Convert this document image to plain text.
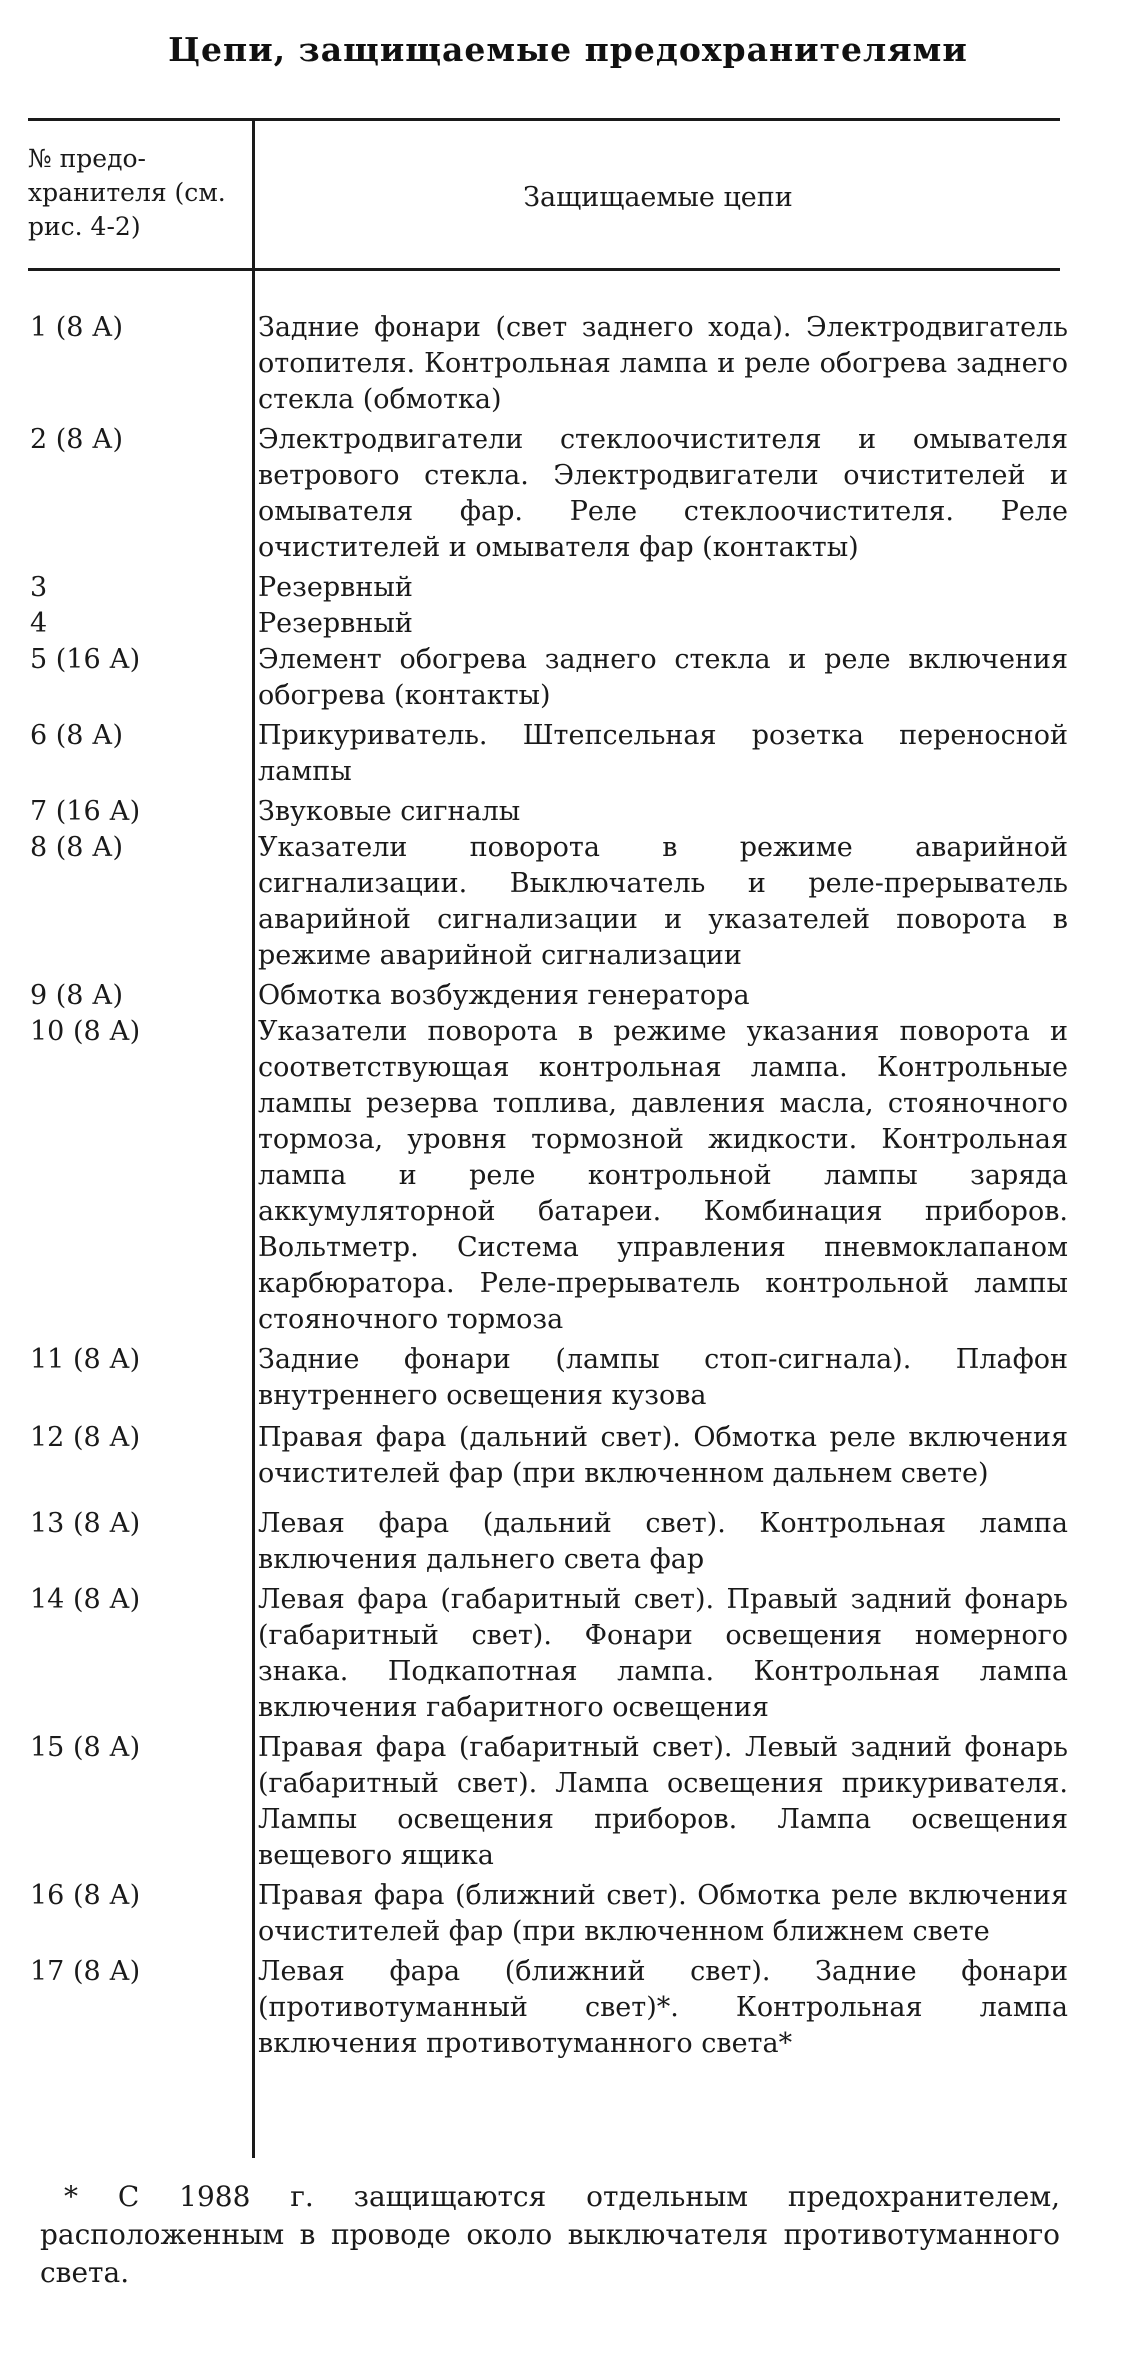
Цепи, защищаемые предохранителями
№ предо-хранителя (см. рис. 4-2)
Защищаемые цепи
1 (8 А)	Задние фонари (свет заднего хода). Электродвигатель отопителя. Контрольная лампа и реле обогрева заднего стекла (обмотка)
2 (8 А)	Электродвигатели стеклоочистителя и омывателя ветрового стекла. Электродвигатели очистителей и омывателя фар. Реле стеклоочистителя. Реле очистителей и омывателя фар (контакты)
3	Резервный
4	Резервный
5 (16 А)	Элемент обогрева заднего стекла и реле включения обогрева (контакты)
6 (8 А)	Прикуриватель. Штепсельная розетка переносной лампы
7 (16 А)	Звуковые сигналы
8 (8 А)	Указатели поворота в режиме аварийной сигнализации. Выключатель и реле-прерыватель аварийной сигнализации и указателей поворота в режиме аварийной сигнализации
9 (8 А)	Обмотка возбуждения генератора
10 (8 А)	Указатели поворота в режиме указания поворота и соответствующая контрольная лампа. Контрольные лампы резерва топлива, давления масла, стояночного тормоза, уровня тормозной жидкости. Контрольная лампа и реле контрольной лампы заряда аккумуляторной батареи. Комбинация приборов. Вольтметр. Система управления пневмоклапаном карбюратора. Реле-прерыватель контрольной лампы стояночного тормоза
11 (8 А)	Задние фонари (лампы стоп-сигнала). Плафон внутреннего освещения кузова
12 (8 А)	Правая фара (дальний свет). Обмотка реле включения очистителей фар (при включенном дальнем свете)
13 (8 А)	Левая фара (дальний свет). Контрольная лампа включения дальнего света фар
14 (8 А)	Левая фара (габаритный свет). Правый задний фонарь (габаритный свет). Фонари освещения номерного знака. Подкапотная лампа. Контрольная лампа включения габаритного освещения
15 (8 А)	Правая фара (габаритный свет). Левый задний фонарь (габаритный свет). Лампа освещения прикуривателя. Лампы освещения приборов. Лампа освещения вещевого ящика
16 (8 А)	Правая фара (ближний свет). Обмотка реле включения очистителей фар (при включенном ближнем свете
17 (8 А)	Левая фара (ближний свет). Задние фонари (противотуманный свет)*. Контрольная лампа включения противотуманного света*
* С 1988 г. защищаются отдельным предохранителем, расположенным в проводе около выключателя противотуманного света.
